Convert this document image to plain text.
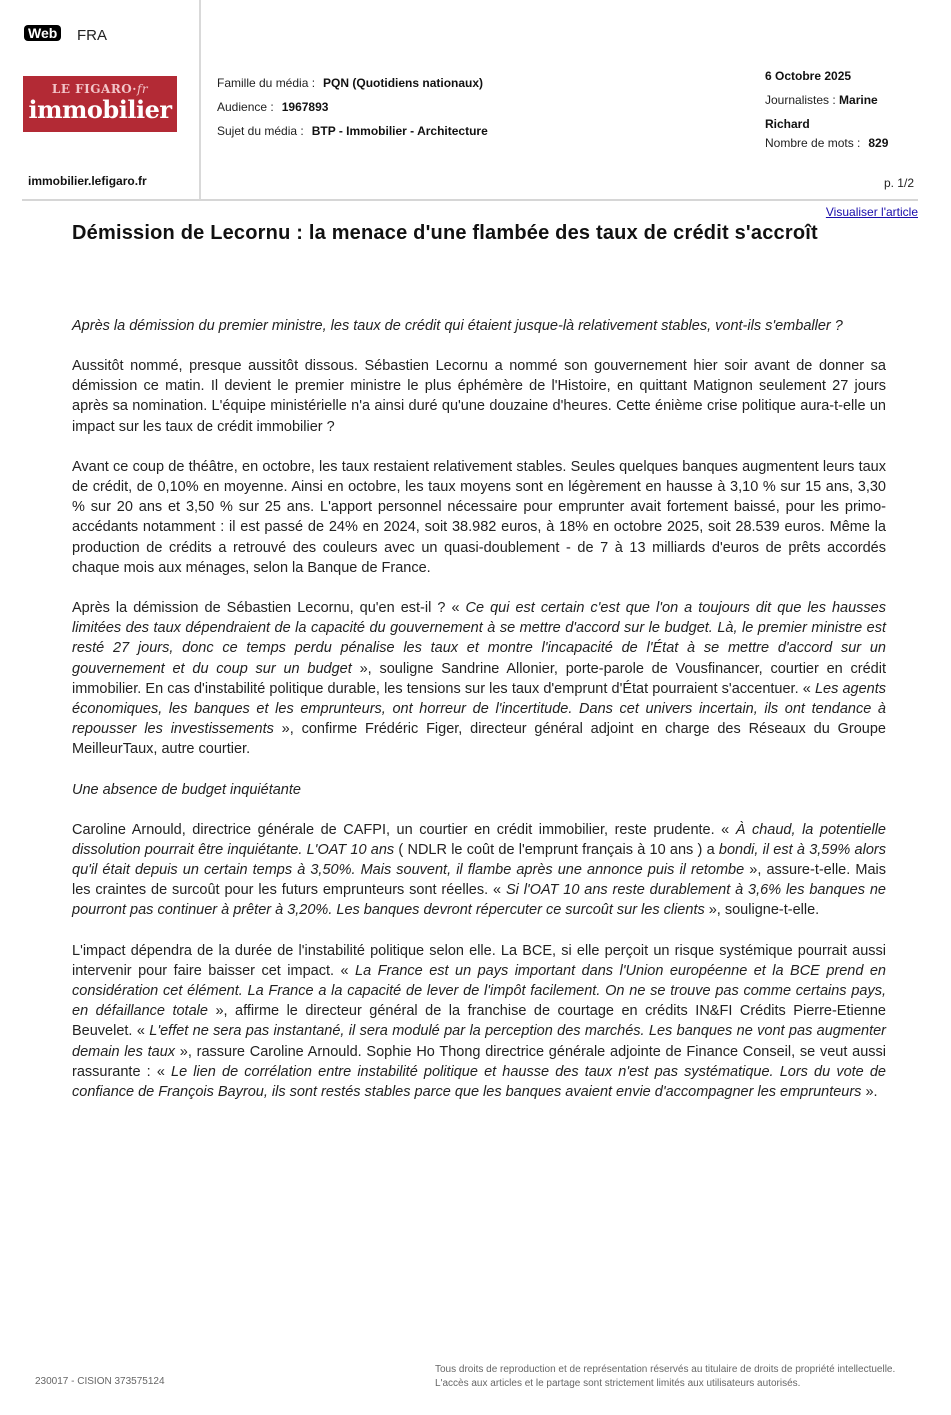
Web FRA
LE FIGARO·fr
immobilier
immobilier.lefigaro.fr
Famille du média : PQN (Quotidiens nationaux)
Audience : 1967893
Sujet du média : BTP - Immobilier - Architecture
6 Octobre 2025
Journalistes : Marine
Richard
Nombre de mots : 829
p. 1/2
Visualiser l'article
Démission de Lecornu : la menace d'une flambée des taux de crédit s'accroît

Après la démission du premier ministre, les taux de crédit qui étaient jusque-là relativement stables, vont-ils s'emballer ?

Aussitôt nommé, presque aussitôt dissous. Sébastien Lecornu a nommé son gouvernement hier soir avant de donner sa démission ce matin. Il devient le premier ministre le plus éphémère de l'Histoire, en quittant Matignon seulement 27 jours après sa nomination. L'équipe ministérielle n'a ainsi duré qu'une douzaine d'heures. Cette énième crise politique aura-t-elle un impact sur les taux de crédit immobilier ?

Avant ce coup de théâtre, en octobre, les taux restaient relativement stables. Seules quelques banques augmentent leurs taux de crédit, de 0,10% en moyenne. Ainsi en octobre, les taux moyens sont en légèrement en hausse à 3,10 % sur 15 ans, 3,30 % sur 20 ans et 3,50 % sur 25 ans. L'apport personnel nécessaire pour emprunter avait fortement baissé, pour les primo-accédants notamment : il est passé de 24% en 2024, soit 38.982 euros, à 18% en octobre 2025, soit 28.539 euros. Même la production de crédits a retrouvé des couleurs avec un quasi-doublement - de 7 à 13 milliards d'euros de prêts accordés chaque mois aux ménages, selon la Banque de France.

Après la démission de Sébastien Lecornu, qu'en est-il ? « Ce qui est certain c'est que l'on a toujours dit que les hausses limitées des taux dépendraient de la capacité du gouvernement à se mettre d'accord sur le budget. Là, le premier ministre est resté 27 jours, donc ce temps perdu pénalise les taux et montre l'incapacité de l'État à se mettre d'accord sur un gouvernement et du coup sur un budget », souligne Sandrine Allonier, porte-parole de Vousfinancer, courtier en crédit immobilier. En cas d'instabilité politique durable, les tensions sur les taux d'emprunt d'État pourraient s'accentuer. « Les agents économiques, les banques et les emprunteurs, ont horreur de l'incertitude. Dans cet univers incertain, ils ont tendance à repousser les investissements », confirme Frédéric Figer, directeur général adjoint en charge des Réseaux du Groupe MeilleurTaux, autre courtier.

Une absence de budget inquiétante

Caroline Arnould, directrice générale de CAFPI, un courtier en crédit immobilier, reste prudente. « À chaud, la potentielle dissolution pourrait être inquiétante. L'OAT 10 ans ( NDLR le coût de l'emprunt français à 10 ans ) a bondi, il est à 3,59% alors qu'il était depuis un certain temps à 3,50%. Mais souvent, il flambe après une annonce puis il retombe », assure-t-elle. Mais les craintes de surcoût pour les futurs emprunteurs sont réelles. « Si l'OAT 10 ans reste durablement à 3,6% les banques ne pourront pas continuer à prêter à 3,20%. Les banques devront répercuter ce surcoût sur les clients », souligne-t-elle.

L'impact dépendra de la durée de l'instabilité politique selon elle. La BCE, si elle perçoit un risque systémique pourrait aussi intervenir pour faire baisser cet impact. « La France est un pays important dans l'Union européenne et la BCE prend en considération cet élément. La France a la capacité de lever de l'impôt facilement. On ne se trouve pas comme certains pays, en défaillance totale », affirme le directeur général de la franchise de courtage en crédits IN&FI Crédits Pierre-Etienne Beuvelet. « L'effet ne sera pas instantané, il sera modulé par la perception des marchés. Les banques ne vont pas augmenter demain les taux », rassure Caroline Arnould. Sophie Ho Thong directrice générale adjointe de Finance Conseil, se veut aussi rassurante : « Le lien de corrélation entre instabilité politique et hausse des taux n'est pas systématique. Lors du vote de confiance de François Bayrou, ils sont restés stables parce que les banques avaient envie d'accompagner les emprunteurs ».

230017 - CISION 373575124
Tous droits de reproduction et de représentation réservés au titulaire de droits de propriété intellectuelle.
L'accès aux articles et le partage sont strictement limités aux utilisateurs autorisés.
